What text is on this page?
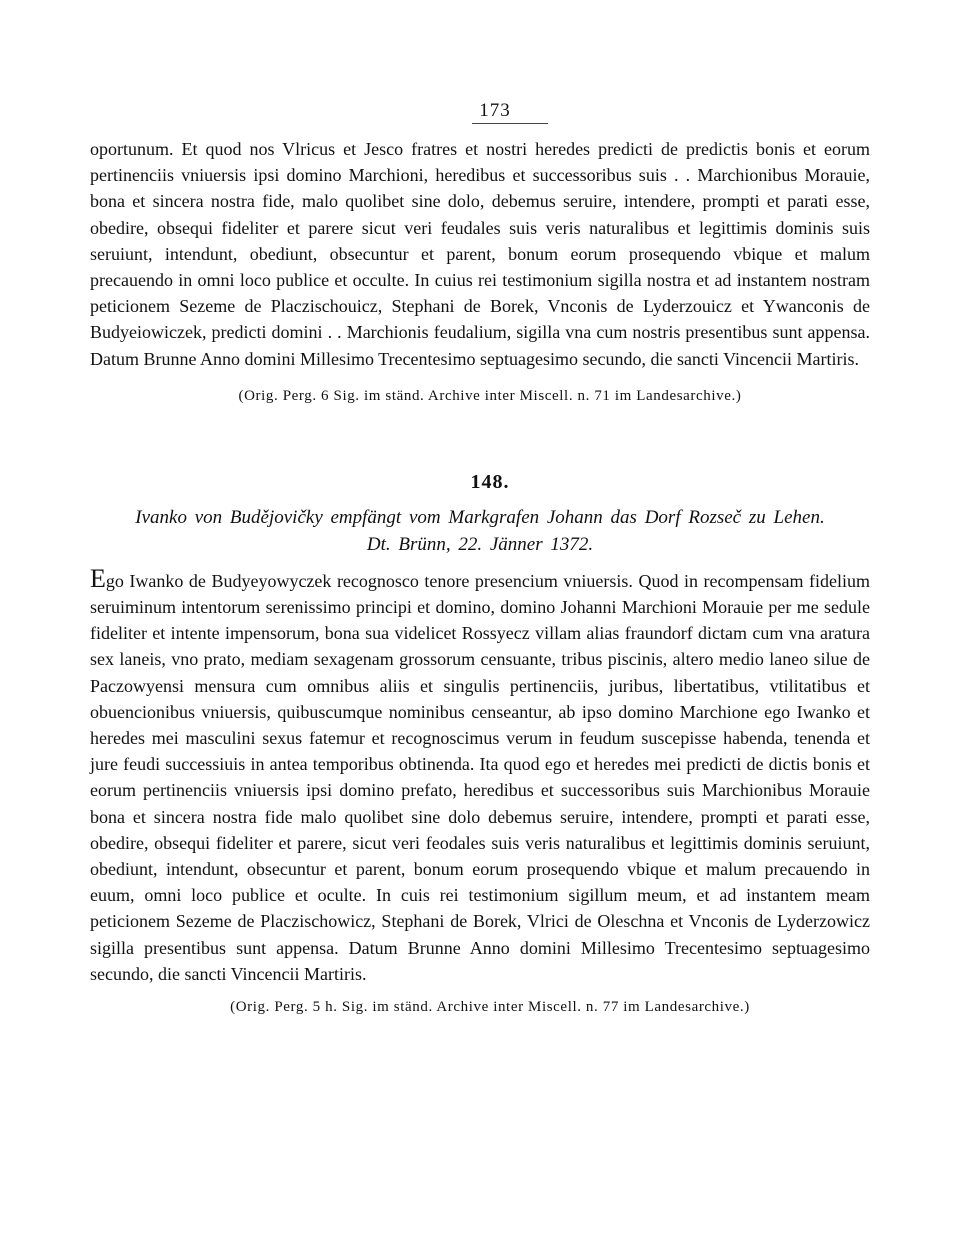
173

oportunum. Et quod nos Vlricus et Jesco fratres et nostri heredes predicti de predictis bonis et eorum pertinenciis vniuersis ipsi domino Marchioni, heredibus et successoribus suis . . Marchionibus Morauie, bona et sincera nostra fide, malo quolibet sine dolo, debemus seruire, intendere, prompti et parati esse, obedire, obsequi fideliter et parere sicut veri feudales suis veris naturalibus et legittimis dominis suis seruiunt, intendunt, obediunt, obsecuntur et parent, bonum eorum prosequendo vbique et malum precauendo in omni loco publice et occulte. In cuius rei testimonium sigilla nostra et ad instantem nostram peticionem Sezeme de Placzischouicz, Stephani de Borek, Vnconis de Lyderzouicz et Ywanconis de Budyeiowiczek, predicti domini . . Marchionis feudalium, sigilla vna cum nostris presentibus sunt appensa. Datum Brunne Anno domini Millesimo Trecentesimo septuagesimo secundo, die sancti Vincencii Martiris.

(Orig. Perg. 6 Sig. im ständ. Archive inter Miscell. n. 71 im Landesarchive.)
148.
Ivanko von Budějovičky empfängt vom Markgrafen Johann das Dorf Rozseč zu Lehen.
Dt. Brünn, 22. Jänner 1372.

Ego Iwanko de Budyeyowyczek recognosco tenore presencium vniuersis. Quod in recompensam fidelium seruiminum intentorum serenissimo principi et domino, domino Johanni Marchioni Morauie per me sedule fideliter et intente impensorum, bona sua videlicet Rossyecz villam alias fraundorf dictam cum vna aratura sex laneis, vno prato, mediam sexagenam grossorum censuante, tribus piscinis, altero medio laneo silue de Paczowyensi mensura cum omnibus aliis et singulis pertinenciis, juribus, libertatibus, vtilitatibus et obuencionibus vniuersis, quibuscumque nominibus censeantur, ab ipso domino Marchione ego Iwanko et heredes mei masculini sexus fatemur et recognoscimus verum in feudum suscepisse habenda, tenenda et jure feudi successiuis in antea temporibus obtinenda. Ita quod ego et heredes mei predicti de dictis bonis et eorum pertinenciis vniuersis ipsi domino prefato, heredibus et successoribus suis Marchionibus Morauie bona et sincera nostra fide malo quolibet sine dolo debemus seruire, intendere, prompti et parati esse, obedire, obsequi fideliter et parere, sicut veri feodales suis veris naturalibus et legittimis dominis seruiunt, obediunt, intendunt, obsecuntur et parent, bonum eorum prosequendo vbique et malum precauendo in euum, omni loco publice et oculte. In cuis rei testimonium sigillum meum, et ad instantem meam peticionem Sezeme de Placzischowicz, Stephani de Borek, Vlrici de Oleschna et Vnconis de Lyderzowicz sigilla presentibus sunt appensa. Datum Brunne Anno domini Millesimo Trecentesimo septuagesimo secundo, die sancti Vincencii Martiris.

(Orig. Perg. 5 h. Sig. im ständ. Archive inter Miscell. n. 77 im Landesarchive.)
